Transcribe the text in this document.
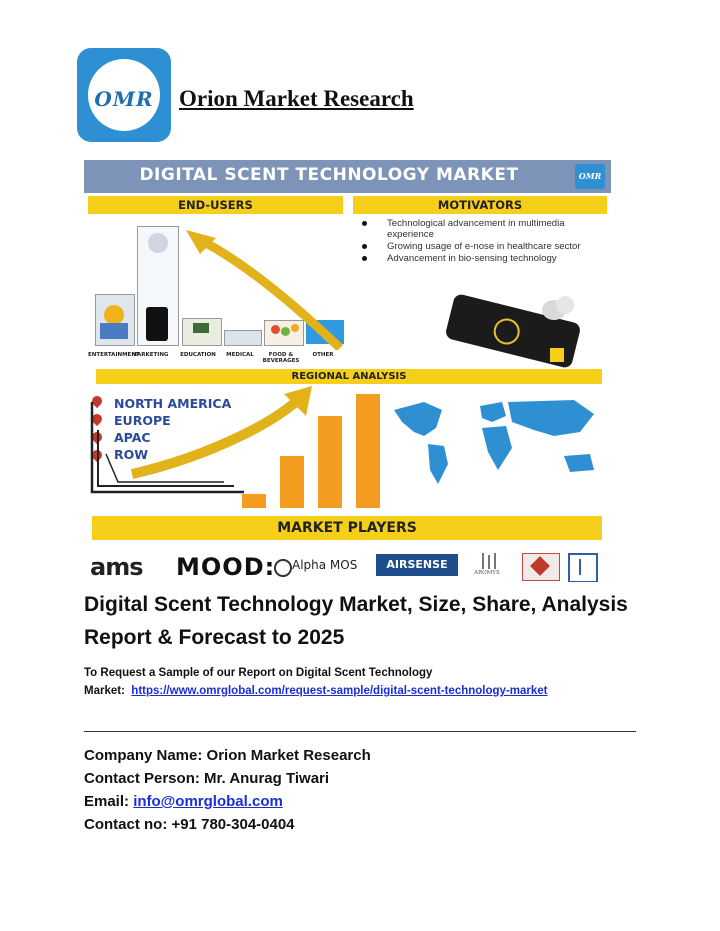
OMR Orion Market Research
DIGITAL SCENT TECHNOLOGY MARKET	OMR
END-USERS	MOTIVATORS
ENTERTAINMENT
MARKETING	EDUCATION	MEDICAL	FOOD & BEVERAGES
OTHER
Technological advancement in multimedia experience
Growing usage of e-nose in healthcare sector
Advancement in bio-sensing technology
REGIONAL ANALYSIS
NORTH AMERICA
EUROPE
APAC
ROW
MARKET PLAYERS
ams MOOD: Alpha MOS	AIRSENSE
AROMYX
Digital Scent Technology Market, Size, Share, Analysis
Report & Forecast to 2025
To Request a Sample of our Report on Digital Scent Technology
Market: https://www.omrglobal.com/request-sample/digital-scent-technology-market
Company Name: Orion Market Research
Contact Person: Mr. Anurag Tiwari
Email: info@omrglobal.com
Contact no: +91 780-304-0404
